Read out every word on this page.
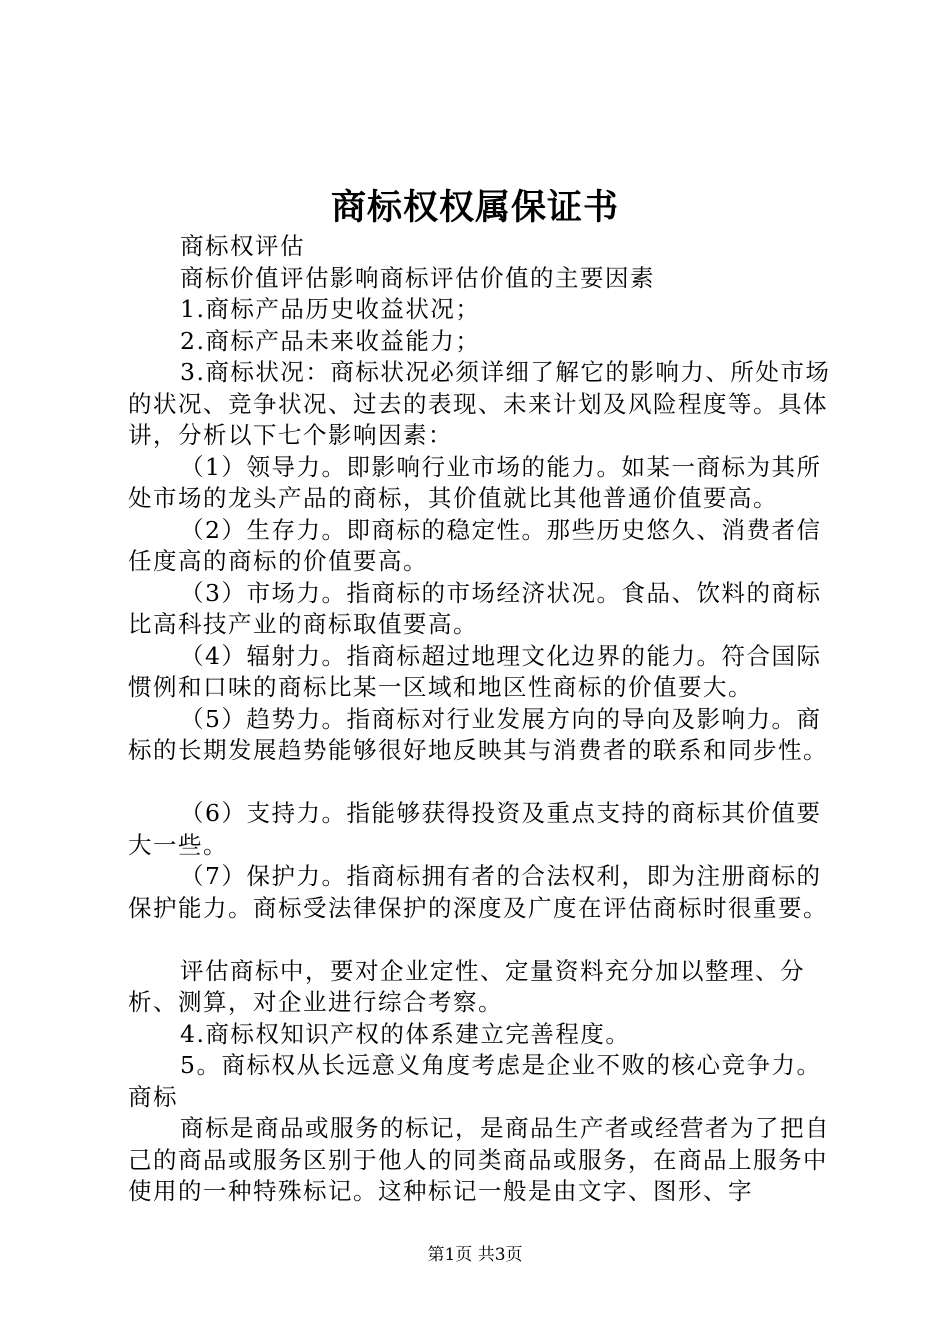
商标权权属保证书

商标权评估

商标价值评估影响商标评估价值的主要因素

1.商标产品历史收益状况；

2.商标产品未来收益能力；

3.商标状况：商标状况必须详细了解它的影响力、所处市场的状况、竞争状况、过去的表现、未来计划及风险程度等。具体讲，分析以下七个影响因素：

（1）领导力。即影响行业市场的能力。如某一商标为其所处市场的龙头产品的商标，其价值就比其他普通价值要高。

（2）生存力。即商标的稳定性。那些历史悠久、消费者信任度高的商标的价值要高。

（3）市场力。指商标的市场经济状况。食品、饮料的商标比高科技产业的商标取值要高。

（4）辐射力。指商标超过地理文化边界的能力。符合国际惯例和口味的商标比某一区域和地区性商标的价值要大。

（5）趋势力。指商标对行业发展方向的导向及影响力。商标的长期发展趋势能够很好地反映其与消费者的联系和同步性。

（6）支持力。指能够获得投资及重点支持的商标其价值要大一些。

（7）保护力。指商标拥有者的合法权利，即为注册商标的保护能力。商标受法律保护的深度及广度在评估商标时很重要。

评估商标中，要对企业定性、定量资料充分加以整理、分析、测算，对企业进行综合考察。

4.商标权知识产权的体系建立完善程度。

5。商标权从长远意义角度考虑是企业不败的核心竞争力。

商标

商标是商品或服务的标记，是商品生产者或经营者为了把自己的商品或服务区别于他人的同类商品或服务，在商品上服务中使用的一种特殊标记。这种标记一般是由文字、图形、字

第1页 共3页
